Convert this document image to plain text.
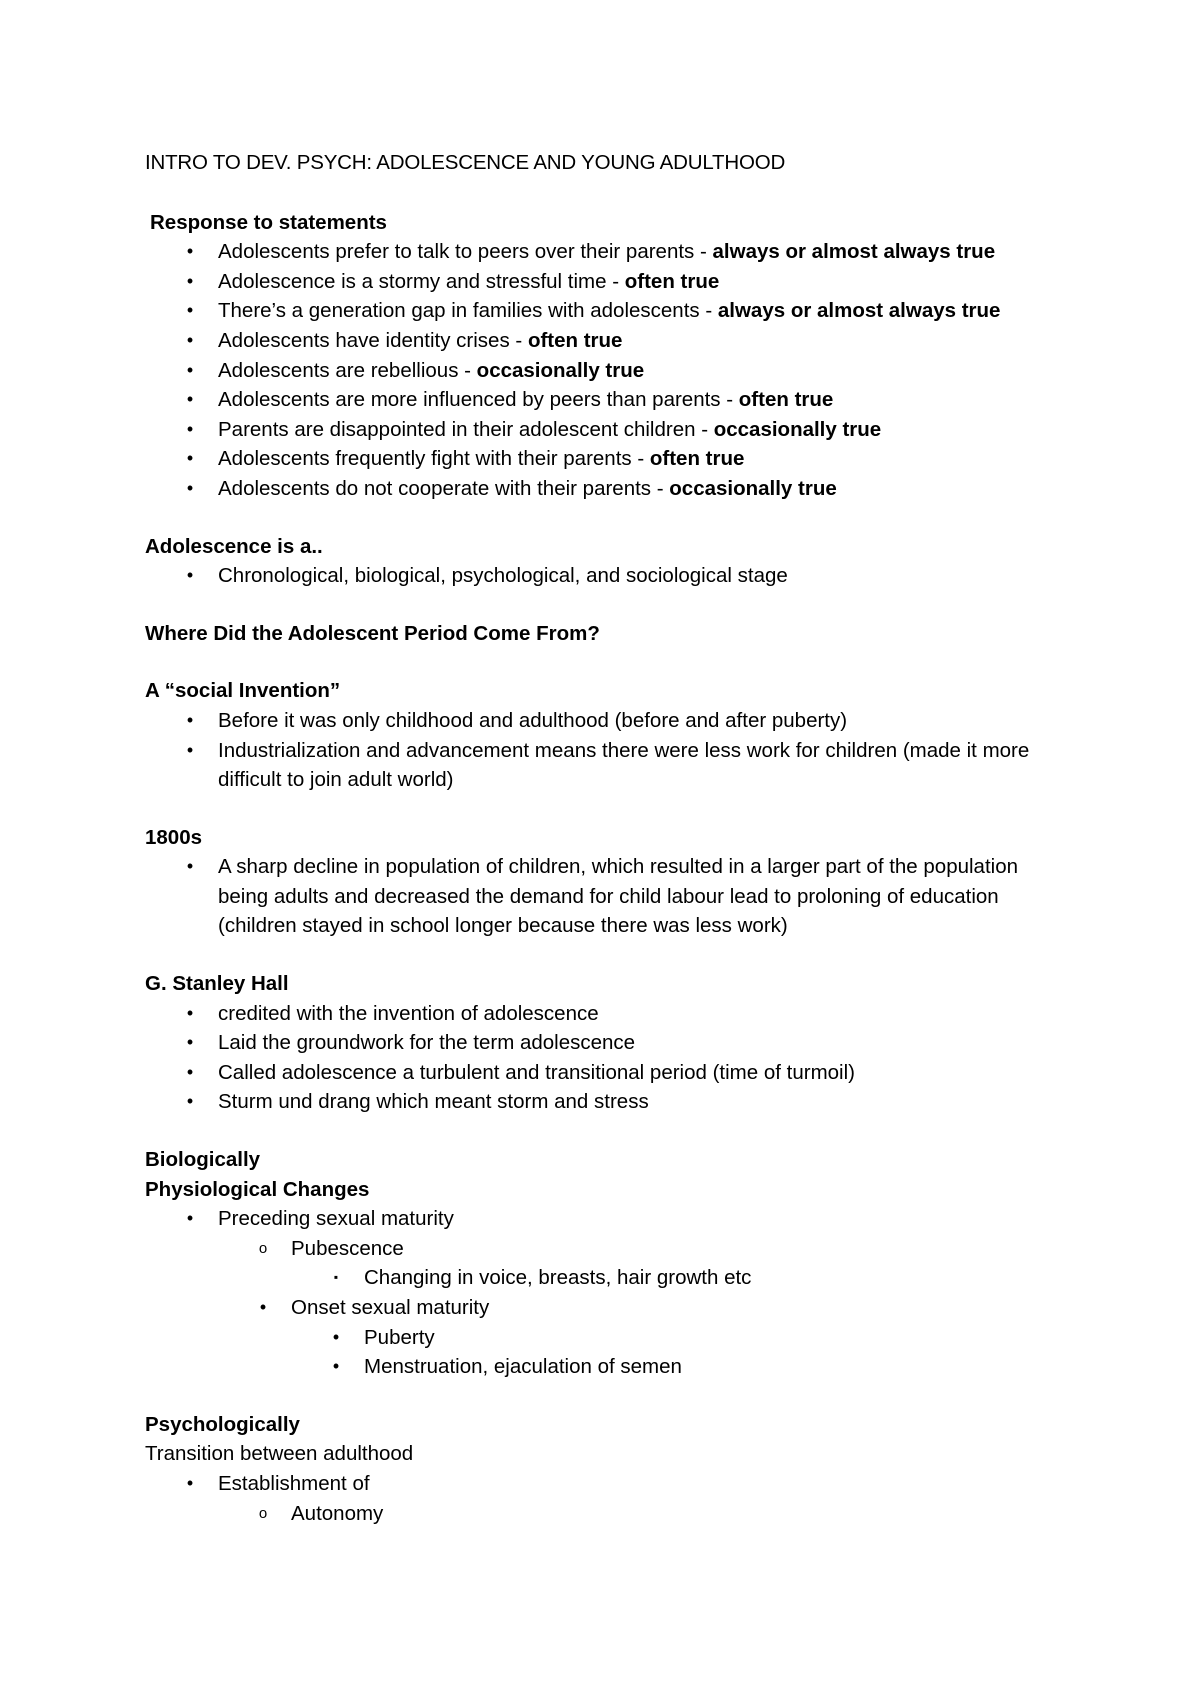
INTRO TO DEV. PSYCH: ADOLESCENCE AND YOUNG ADULTHOOD
Response to statements
•	Adolescents prefer to talk to peers over their parents - always or almost always true
•	Adolescence is a stormy and stressful time - often true
•	There’s a generation gap in families with adolescents - always or almost always true
•	Adolescents have identity crises - often true
•	Adolescents are rebellious - occasionally true
•	Adolescents are more influenced by peers than parents - often true
•	Parents are disappointed in their adolescent children - occasionally true
•	Adolescents frequently fight with their parents - often true
•	Adolescents do not cooperate with their parents - occasionally true
Adolescence is a..
•	Chronological, biological, psychological, and sociological stage
Where Did the Adolescent Period Come From?
A “social Invention”
•	Before it was only childhood and adulthood (before and after puberty)
•	Industrialization and advancement means there were less work for children (made it more difficult to join adult world)
1800s
•	A sharp decline in population of children, which resulted in a larger part of the population being adults and decreased the demand for child labour lead to proloning of education (children stayed in school longer because there was less work)
G. Stanley Hall
•	credited with the invention of adolescence
•	Laid the groundwork for the term adolescence
•	Called adolescence a turbulent and transitional period (time of turmoil)
•	Sturm und drang which meant storm and stress
Biologically
Physiological Changes
•	Preceding sexual maturity
o Pubescence
▪	Changing in voice, breasts, hair growth etc
•	Onset sexual maturity
•	Puberty
•	Menstruation, ejaculation of semen
Psychologically
Transition between adulthood
•	Establishment of
o Autonomy
